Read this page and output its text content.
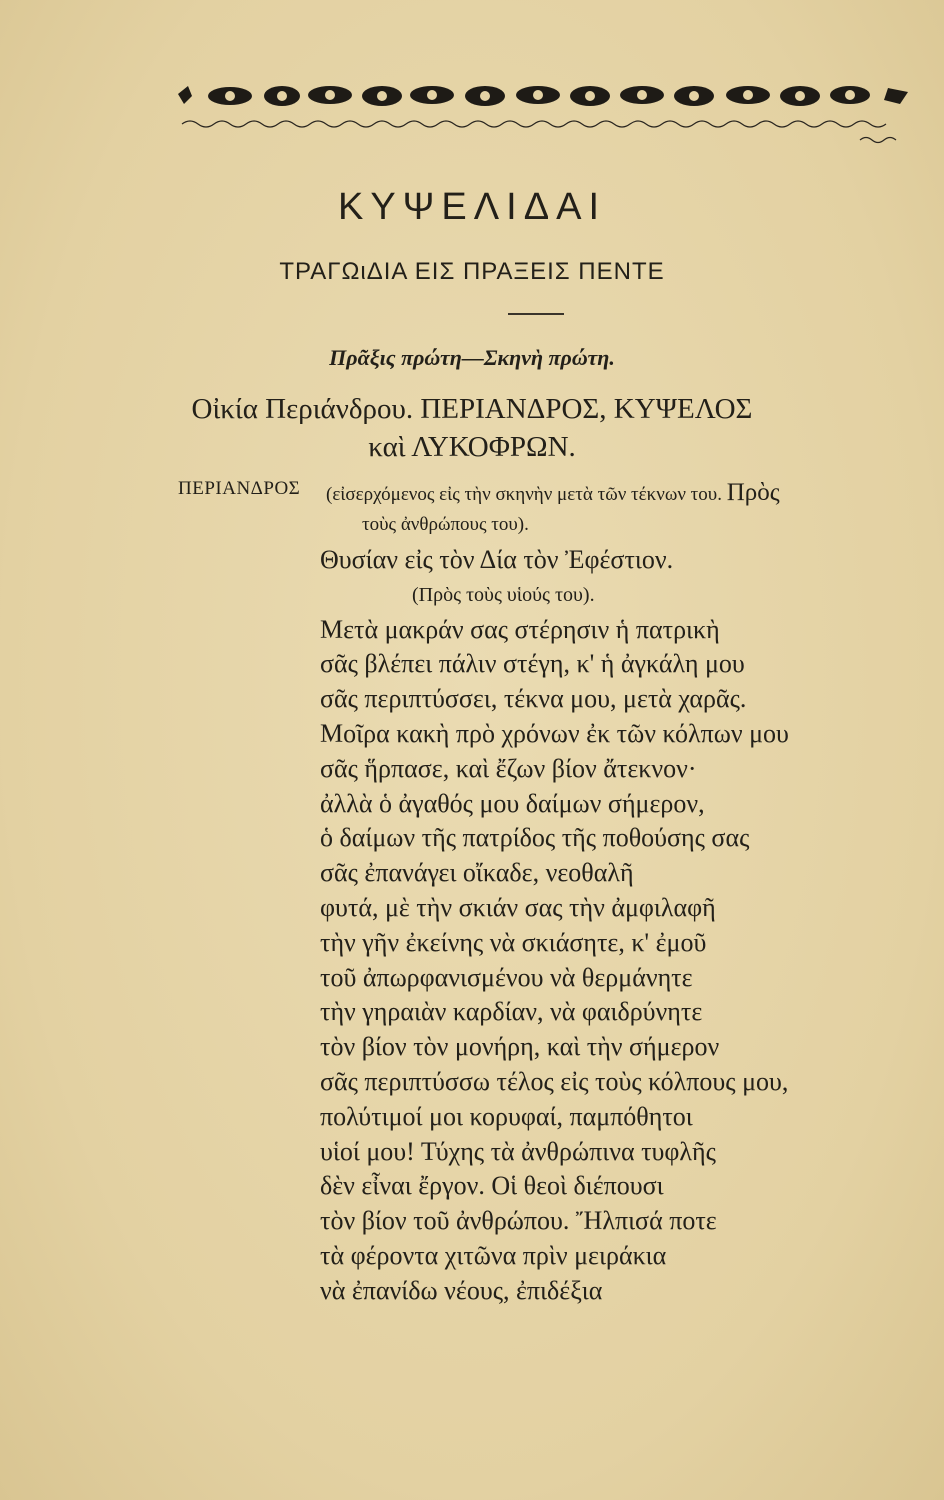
ΚΥΨΕΛΙΔΑΙ
ΤΡΑΓΩιΔΙΑ ΕΙΣ ΠΡΑΞΕΙΣ ΠΕΝΤΕ
Πρᾶξις πρώτη—Σκηνὴ πρώτη.
Οἰκία Περιάνδρου. ΠΕΡΙΑΝΔΡΟΣ, ΚΥΨΕΛΟΣ
καὶ ΛΥΚΟΦΡΩΝ.
ΠΕΡΙΑΝΔΡΟΣ (εἰσερχόμενος εἰς τὴν σκηνὴν μετὰ τῶν τέκνων του. Πρὸς
τοὺς ἀνθρώπους του).
Θυσίαν εἰς τὸν Δία τὸν Ἐφέστιον.
(Πρὸς τοὺς υἱούς του).
Μετὰ μακράν σας στέρησιν ἡ πατρικὴ
σᾶς βλέπει πάλιν στέγη, κ' ἡ ἀγκάλη μου
σᾶς περιπτύσσει, τέκνα μου, μετὰ χαρᾶς.
Μοῖρα κακὴ πρὸ χρόνων ἐκ τῶν κόλπων μου
σᾶς ἥρπασε, καὶ ἔζων βίον ἄτεκνον·
ἀλλὰ ὁ ἀγαθός μου δαίμων σήμερον,
ὁ δαίμων τῆς πατρίδος τῆς ποθούσης σας
σᾶς ἐπανάγει οἴκαδε, νεοθαλῆ
φυτά, μὲ τὴν σκιάν σας τὴν ἀμφιλαφῆ
τὴν γῆν ἐκείνης νὰ σκιάσητε, κ' ἐμοῦ
τοῦ ἀπωρφανισμένου νὰ θερμάνητε
τὴν γηραιὰν καρδίαν, νὰ φαιδρύνητε
τὸν βίον τὸν μονήρη, καὶ τὴν σήμερον
σᾶς περιπτύσσω τέλος εἰς τοὺς κόλπους μου,
πολύτιμοί μοι κορυφαί, παμπόθητοι
υἱοί μου! Τύχης τὰ ἀνθρώπινα τυφλῆς
δὲν εἶναι ἔργον. Οἱ θεοὶ διέπουσι
τὸν βίον τοῦ ἀνθρώπου. Ἤλπισά ποτε
τὰ φέροντα χιτῶνα πρὶν μειράκια
νὰ ἐπανίδω νέους, ἐπιδέξια
